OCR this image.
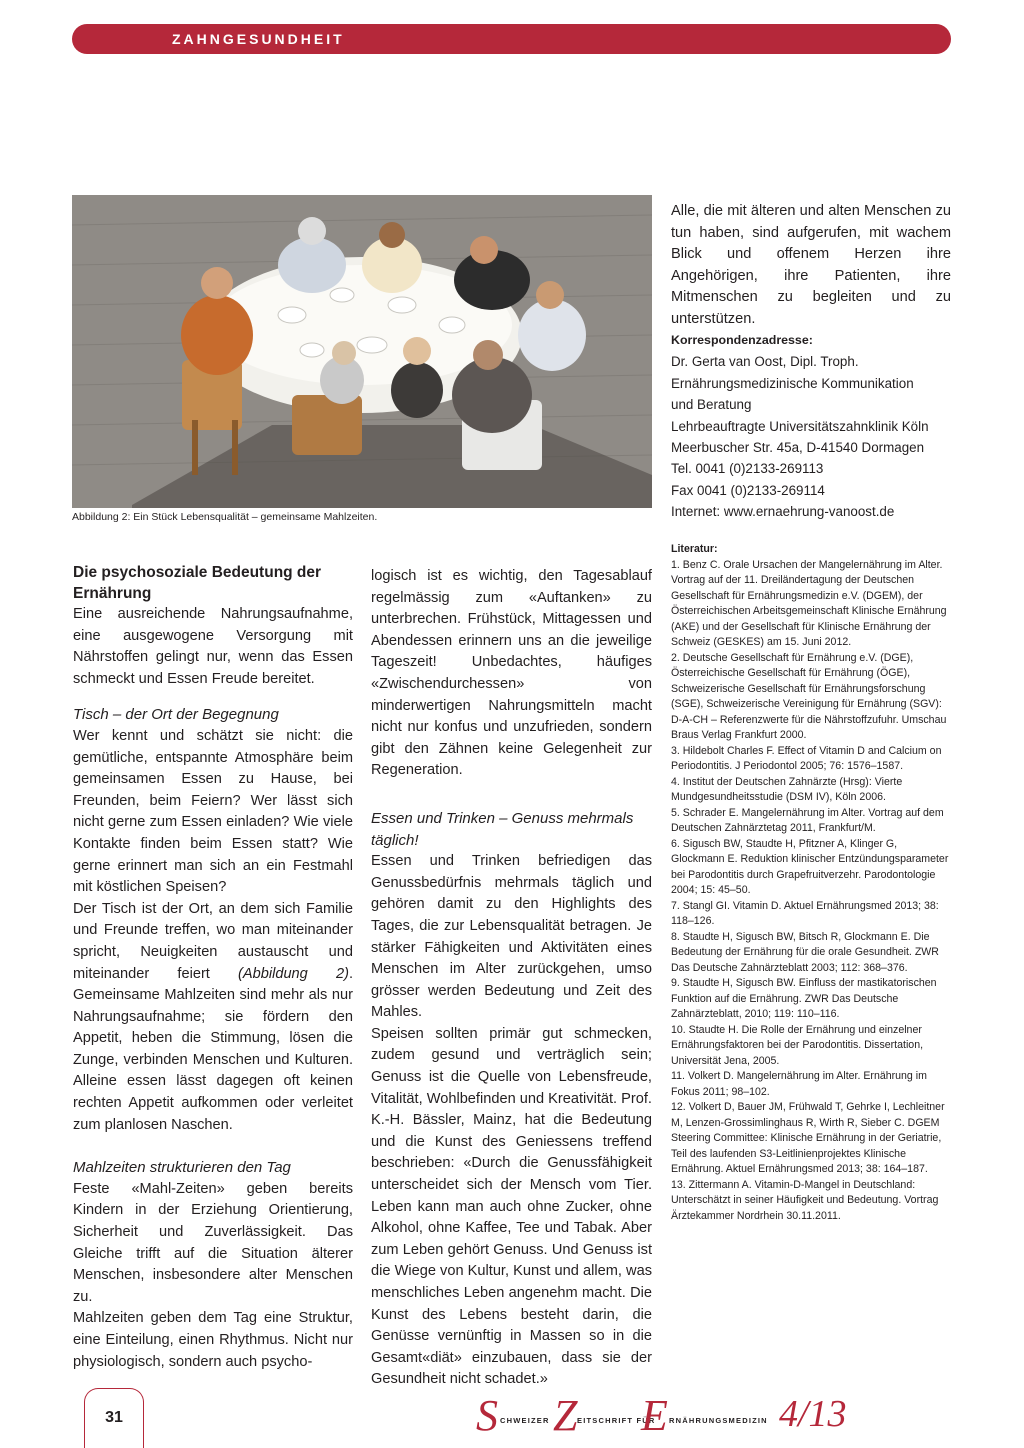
ZAHNGESUNDHEIT
Abbildung 2: Ein Stück Lebensqualität – gemeinsame Mahlzeiten.
Die psychosoziale Bedeutung der Ernährung

Eine ausreichende Nahrungsaufnahme, eine ausgewogene Versorgung mit Nährstoffen gelingt nur, wenn das Essen schmeckt und Essen Freude bereitet.

Tisch – der Ort der Begegnung

Wer kennt und schätzt sie nicht: die gemütliche, entspannte Atmosphäre beim gemeinsamen Essen zu Hause, bei Freunden, beim Feiern? Wer lässt sich nicht gerne zum Essen einladen? Wie viele Kontakte finden beim Essen statt? Wie gerne erinnert man sich an ein Festmahl mit köstlichen Speisen?

Der Tisch ist der Ort, an dem sich Familie und Freunde treffen, wo man miteinander spricht, Neuigkeiten austauscht und miteinander feiert (Abbildung 2). Gemeinsame Mahlzeiten sind mehr als nur Nahrungsaufnahme; sie fördern den Appetit, heben die Stimmung, lösen die Zunge, verbinden Menschen und Kulturen. Alleine essen lässt dagegen oft keinen rechten Appetit aufkommen oder verleitet zum planlosen Naschen.

Mahlzeiten strukturieren den Tag

Feste «Mahl-Zeiten» geben bereits Kindern in der Erziehung Orientierung, Sicherheit und Zuverlässigkeit. Das Gleiche trifft auf die Situation älterer Menschen, insbesondere alter Menschen zu.

Mahlzeiten geben dem Tag eine Struktur, eine Einteilung, einen Rhythmus. Nicht nur physiologisch, sondern auch psycho-

logisch ist es wichtig, den Tagesablauf regelmässig zum «Auftanken» zu unterbrechen. Frühstück, Mittagessen und Abendessen erinnern uns an die jeweilige Tageszeit! Unbedachtes, häufiges «Zwischendurchessen» von minderwertigen Nahrungsmitteln macht nicht nur konfus und unzufrieden, sondern gibt den Zähnen keine Gelegenheit zur Regeneration.

Essen und Trinken – Genuss mehrmals täglich!

Essen und Trinken befriedigen das Genussbedürfnis mehrmals täglich und gehören damit zu den Highlights des Tages, die zur Lebensqualität betragen. Je stärker Fähigkeiten und Aktivitäten eines Menschen im Alter zurückgehen, umso grösser werden Bedeutung und Zeit des Mahles.

Speisen sollten primär gut schmecken, zudem gesund und verträglich sein; Genuss ist die Quelle von Lebensfreude, Vitalität, Wohlbefinden und Kreativität. Prof. K.-H. Bässler, Mainz, hat die Bedeutung und die Kunst des Geniessens treffend beschrieben: «Durch die Genussfähigkeit unterscheidet sich der Mensch vom Tier. Leben kann man auch ohne Zucker, ohne Alkohol, ohne Kaffee, Tee und Tabak. Aber zum Leben gehört Genuss. Und Genuss ist die Wiege von Kultur, Kunst und allem, was menschliches Leben angenehm macht. Die Kunst des Lebens besteht darin, die Genüsse vernünftig in Massen so in die Gesamt«diät» einzubauen, dass sie der Gesundheit nicht schadet.»

Alle, die mit älteren und alten Menschen zu tun haben, sind aufgerufen, mit wachem Blick und offenem Herzen ihre Angehörigen, ihre Patienten, ihre Mitmenschen zu begleiten und zu unterstützen.

Korrespondenzadresse:
Dr. Gerta van Oost, Dipl. Troph.
Ernährungsmedizinische Kommunikation
und Beratung
Lehrbeauftragte Universitätszahnklinik Köln
Meerbuscher Str. 45a, D-41540 Dormagen
Tel. 0041 (0)2133-269113
Fax 0041 (0)2133-269114
Internet: www.ernaehrung-vanoost.de
Literatur:
1. Benz C. Orale Ursachen der Mangelernährung im Alter. Vortrag auf der 11. Dreiländertagung der Deutschen Gesellschaft für Ernährungsmedizin e.V. (DGEM), der Österreichischen Arbeitsgemeinschaft Klinische Ernährung (AKE) und der Gesellschaft für Klinische Ernährung der Schweiz (GESKES) am 15. Juni 2012.
2. Deutsche Gesellschaft für Ernährung e.V. (DGE), Österreichische Gesellschaft für Ernährung (ÖGE), Schweizerische Gesellschaft für Ernährungsforschung (SGE), Schweizerische Vereinigung für Ernährung (SGV): D-A-CH – Referenzwerte für die Nährstoffzufuhr. Umschau Braus Verlag Frankfurt 2000.
3. Hildebolt Charles F. Effect of Vitamin D and Calcium on Periodontitis. J Periodontol 2005; 76: 1576–1587.
4. Institut der Deutschen Zahnärzte (Hrsg): Vierte Mundgesundheitsstudie (DSM IV), Köln 2006.
5. Schrader E. Mangelernährung im Alter. Vortrag auf dem Deutschen Zahnärztetag 2011, Frankfurt/M.
6. Sigusch BW, Staudte H, Pfitzner A, Klinger G, Glockmann E. Reduktion klinischer Entzündungsparameter bei Parodontitis durch Grapefruitverzehr. Parodontologie 2004; 15: 45–50.
7. Stangl GI. Vitamin D. Aktuel Ernährungsmed 2013; 38: 118–126.
8. Staudte H, Sigusch BW, Bitsch R, Glockmann E. Die Bedeutung der Ernährung für die orale Gesundheit. ZWR Das Deutsche Zahnärzteblatt 2003; 112: 368–376.
9. Staudte H, Sigusch BW. Einfluss der mastikatorischen Funktion auf die Ernährung. ZWR Das Deutsche Zahnärzteblatt, 2010; 119: 110–116.
10. Staudte H. Die Rolle der Ernährung und einzelner Ernährungsfaktoren bei der Parodontitis. Dissertation, Universität Jena, 2005.
11. Volkert D. Mangelernährung im Alter. Ernährung im Fokus 2011; 98–102.
12. Volkert D, Bauer JM, Frühwald T, Gehrke I, Lechleitner M, Lenzen-Grossimlinghaus R, Wirth R, Sieber C. DGEM Steering Committee: Klinische Ernährung in der Geriatrie, Teil des laufenden S3-Leitlinienprojektes Klinische Ernährung. Aktuel Ernährungsmed 2013; 38: 164–187.
13. Zittermann A. Vitamin-D-Mangel in Deutschland: Unterschätzt in seiner Häufigkeit und Bedeutung. Vortrag Ärztekammer Nordrhein 30.11.2011.
31	S CHWEIZER Z EITSCHRIFT FÜR
E RNÄHRUNGSMEDIZIN 4/13
